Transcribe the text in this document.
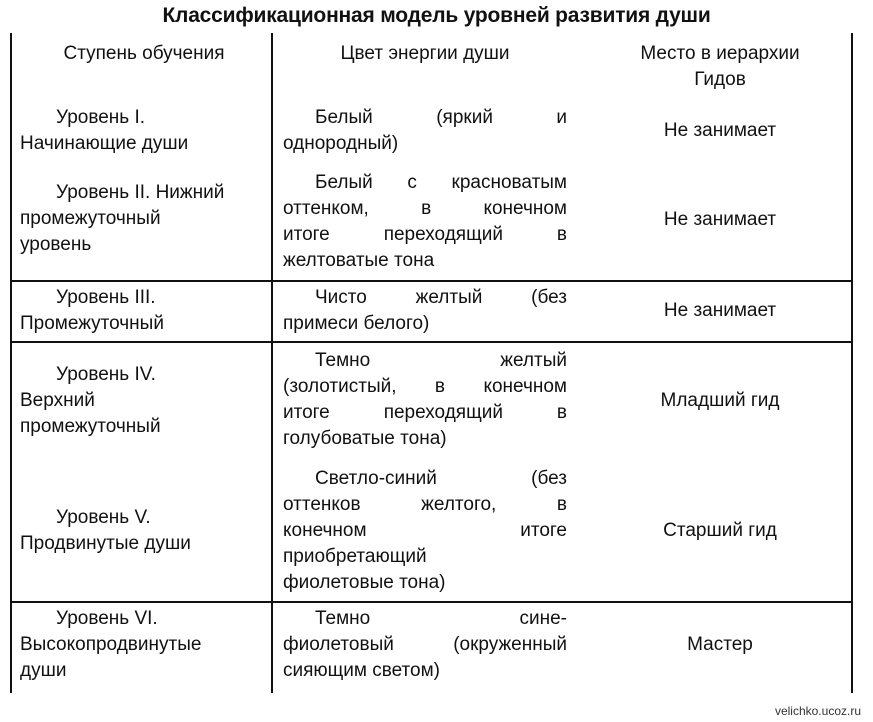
Классификационная модель уровней развития души
Ступень обучения	Цвет энергии души	Место в иерархии
Гидов
Уровень I.
Начинающие души
Белый (яркий и
однородный)
Не занимает
Уровень II. Нижний
промежуточный
уровень
Белый с красноватым
оттенком, в конечном
итоге переходящий в
желтоватые тона
Не занимает
Уровень III.
Промежуточный
Чисто желтый (без
примеси белого)
Не занимает
Уровень IV.
Верхний
промежуточный
Темно желтый
(золотистый, в конечном
итоге переходящий в
голубоватые тона)
Младший гид
Уровень V.
Продвинутые души
Светло-синий (без
оттенков желтого, в
конечном итоге
приобретающий
фиолетовые тона)
Старший гид
Уровень VI.
Высокопродвинутые
души
Темно сине-
фиолетовый (окруженный
сияющим светом)
Мастер
velichko.ucoz.ru
